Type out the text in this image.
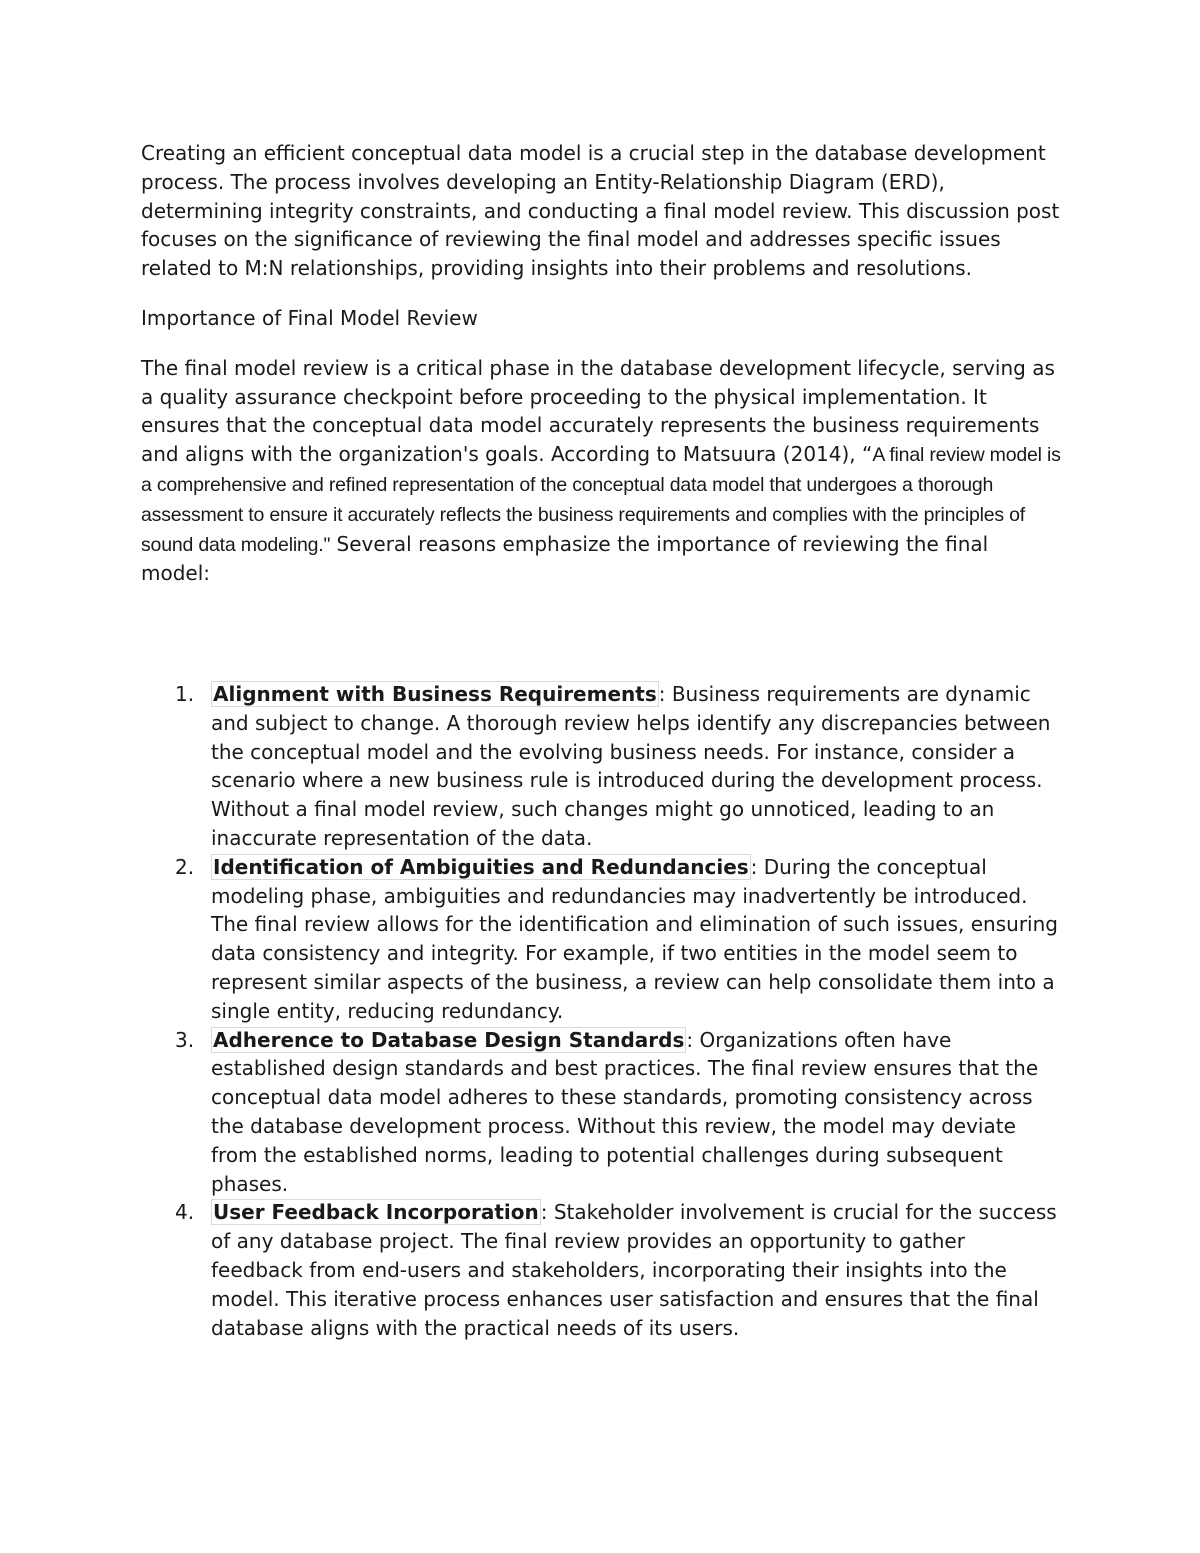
Creating an efficient conceptual data model is a crucial step in the database development process. The process involves developing an Entity-Relationship Diagram (ERD), determining integrity constraints, and conducting a final model review. This discussion post focuses on the significance of reviewing the final model and addresses specific issues related to M:N relationships, providing insights into their problems and resolutions.

Importance of Final Model Review

The final model review is a critical phase in the database development lifecycle, serving as a quality assurance checkpoint before proceeding to the physical implementation. It ensures that the conceptual data model accurately represents the business requirements and aligns with the organization's goals. According to Matsuura (2014), “A final review model is a comprehensive and refined representation of the conceptual data model that undergoes a thorough assessment to ensure it accurately reflects the business requirements and complies with the principles of sound data modeling." Several reasons emphasize the importance of reviewing the final model:

1. Alignment with Business Requirements : Business requirements are dynamic and subject to change. A thorough review helps identify any discrepancies between the conceptual model and the evolving business needs. For instance, consider a scenario where a new business rule is introduced during the development process. Without a final model review, such changes might go unnoticed, leading to an inaccurate representation of the data.
2. Identification of Ambiguities and Redundancies : During the conceptual modeling phase, ambiguities and redundancies may inadvertently be introduced. The final review allows for the identification and elimination of such issues, ensuring data consistency and integrity. For example, if two entities in the model seem to represent similar aspects of the business, a review can help consolidate them into a single entity, reducing redundancy.
3. Adherence to Database Design Standards : Organizations often have established design standards and best practices. The final review ensures that the conceptual data model adheres to these standards, promoting consistency across the database development process. Without this review, the model may deviate from the established norms, leading to potential challenges during subsequent phases.
4. User Feedback Incorporation : Stakeholder involvement is crucial for the success of any database project. The final review provides an opportunity to gather feedback from end-users and stakeholders, incorporating their insights into the model. This iterative process enhances user satisfaction and ensures that the final database aligns with the practical needs of its users.
